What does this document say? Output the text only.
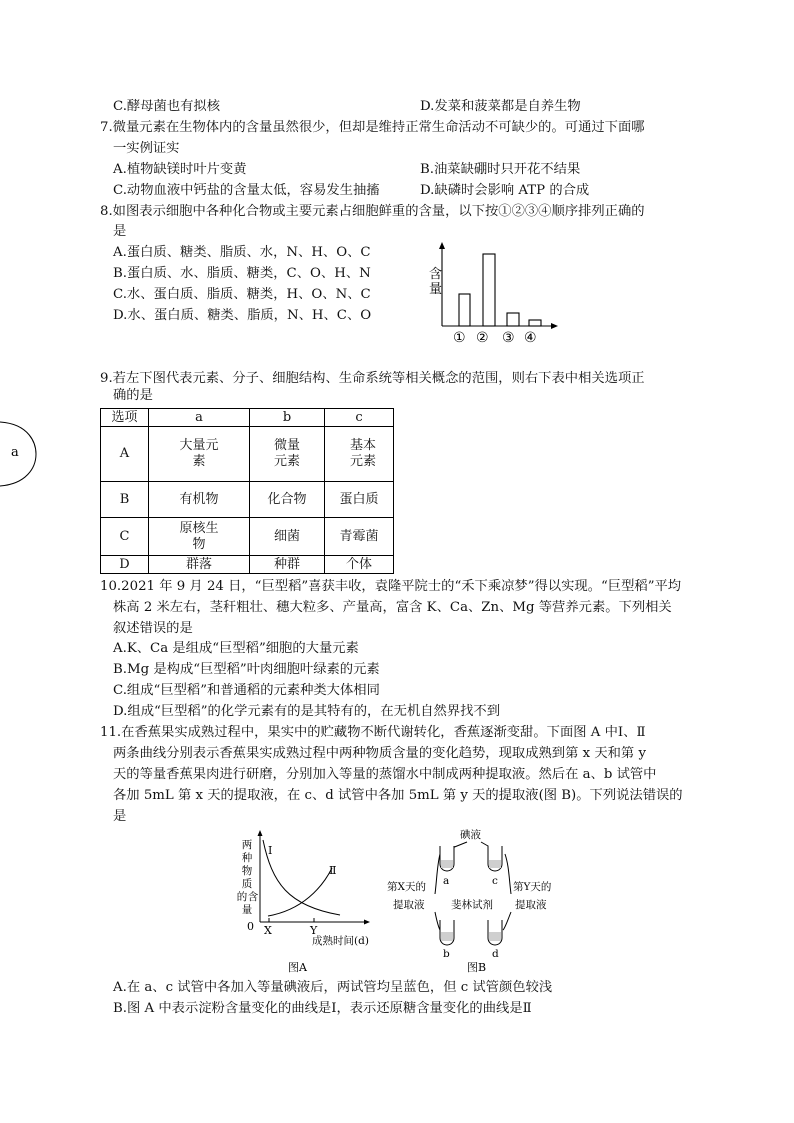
C.酵母菌也有拟核	D.发菜和菠菜都是自养生物
7.微量元素在生物体内的含量虽然很少，但却是维持正常生命活动不可缺少的。可通过下面哪
一实例证实
A.植物缺镁时叶片变黄	B.油菜缺硼时只开花不结果
C.动物血液中钙盐的含量太低，容易发生抽搐	D.缺磷时会影响 ATP 的合成
8.如图表示细胞中各种化合物或主要元素占细胞鲜重的含量，以下按①②③④顺序排列正确的
是
A.蛋白质、糖类、脂质、水，N、H、O、C
B.蛋白质、水、脂质、糖类，C、O、H、N
C.水、蛋白质、脂质、糖类，H、O、N、C
D.水、蛋白质、糖类、脂质，N、H、C、O
含
量
① ② ③ ④
9.若左下图代表元素、分子、细胞结构、生命系统等相关概念的范围，则右下表中相关选项正
确的是
a
选项	a	b	c
A	大量元素	微量元素	基本元素

B	有机物	化合物	蛋白质

C	原核生物	细菌	青霉菌
D	群落	种群	个体
10.2021 年 9 月 24 日，“巨型稻”喜获丰收，袁隆平院士的“禾下乘凉梦”得以实现。“巨型稻”平均
株高 2 米左右，茎秆粗壮、穗大粒多、产量高，富含 K、Ca、Zn、Mg 等营养元素。下列相关
叙述错误的是
A.K、Ca 是组成“巨型稻”细胞的大量元素
B.Mg 是构成“巨型稻”叶肉细胞叶绿素的元素
C.组成“巨型稻”和普通稻的元素种类大体相同
D.组成“巨型稻”的化学元素有的是其特有的，在无机自然界找不到
11.在香蕉果实成熟过程中，果实中的贮藏物不断代谢转化，香蕉逐渐变甜。下面图 A 中Ⅰ、Ⅱ
两条曲线分别表示香蕉果实成熟过程中两种物质含量的变化趋势，现取成熟到第 x 天和第 y
天的等量香蕉果肉进行研磨，分别加入等量的蒸馏水中制成两种提取液。然后在 a、b 试管中
各加 5mL 第 x 天的提取液，在 c、d 试管中各加 5mL 第 y 天的提取液(图 B)。下列说法错误的
是
两
种
物
质
的 含
量
Ⅰ
Ⅱ
0 X	Y
成熟时间(d)
图A
碘液
a	c
第X天的
提取液
第Y天的
提取液
斐林试剂
b	d
图B
A.在 a、c 试管中各加入等量碘液后，两试管均呈蓝色，但 c 试管颜色较浅
B.图 A 中表示淀粉含量变化的曲线是Ⅰ，表示还原糖含量变化的曲线是Ⅱ
